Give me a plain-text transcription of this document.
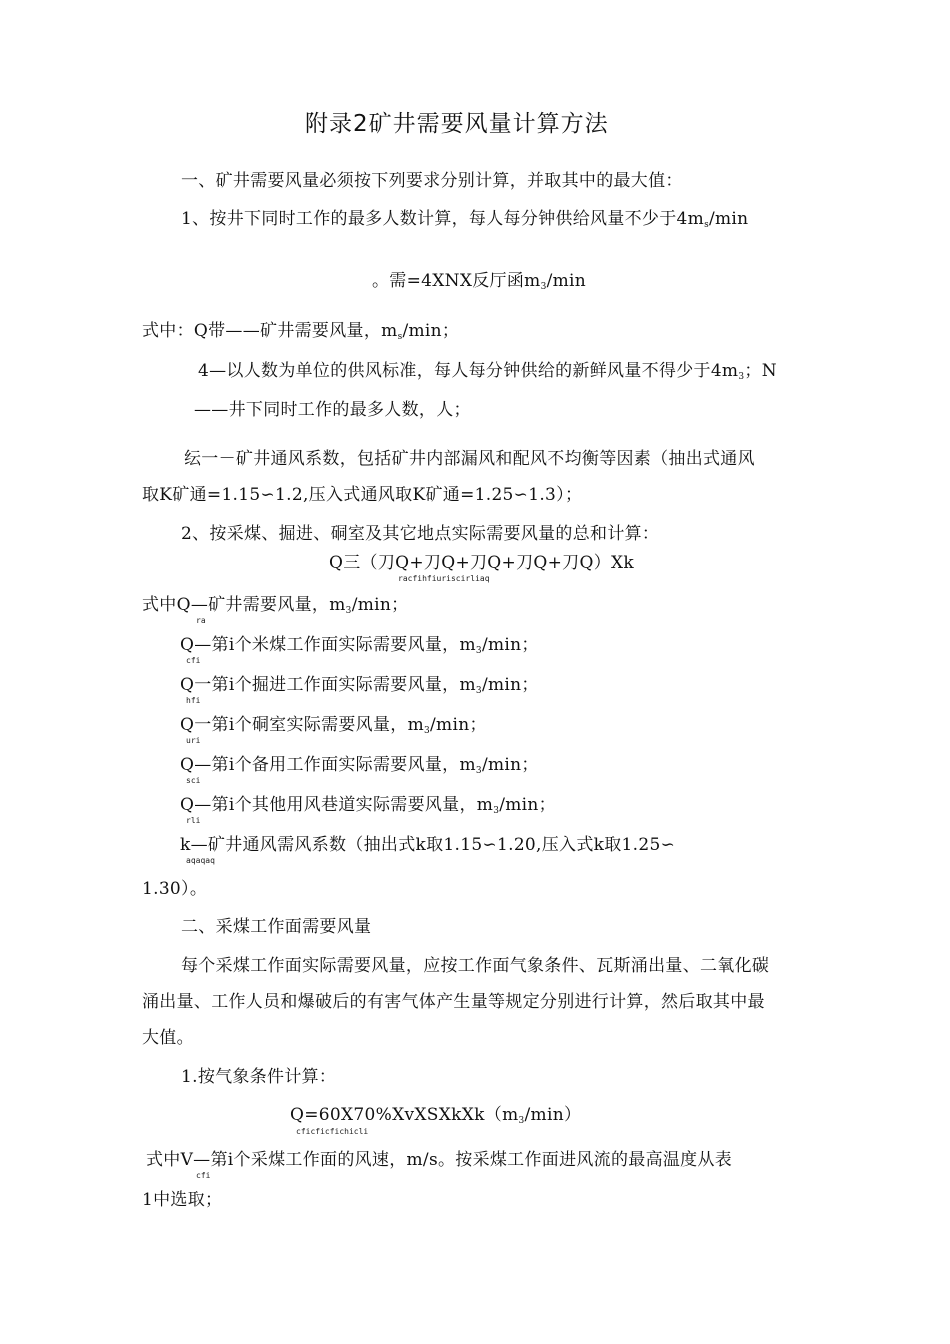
附录2矿井需要风量计算方法
一、矿井需要风量必须按下列要求分别计算，并取其中的最大值：
1、按井下同时工作的最多人数计算，每人每分钟供给风量不少于$4m_s/\min$
。需=4XNX反厅函$m_3/\min$
式中：Q带——矿井需要风量，$m_s/\min$；
4—以人数为单位的供风标准，每人每分钟供给的新鲜风量不得少于$4m_3$；N
——井下同时工作的最多人数，人；
纭一－矿井通风系数，包括矿井内部漏风和配风不均衡等因素（抽出式通风
取K矿通=1.15∽1.2,压入式通风取K矿通=1.25∽1.3）；
2、按采煤、掘进、硐室及其它地点实际需要风量的总和计算：
Q三（刀Q+刀Q+刀Q+刀Q+刀Q）Xk
racfihfiuriscirliaq
式中Q—矿井需要风量，$m_3/\min$；
ra
Q—第i个米煤工作面实际需要风量，$m_3/\min$；
cfi
Q一第i个掘进工作面实际需要风量，$m_3/\min$；
hfi
Q一第i个硐室实际需要风量，$m_3/\min$；
uri
Q—第i个备用工作面实际需要风量，$m_3/\min$；
sci
Q—第i个其他用风巷道实际需要风量，$m_3/\min$；
rli
k—矿井通风需风系数（抽出式k取1.15∽1.20,压入式k取1.25∽
aqaqaq
1.30）。
二、采煤工作面需要风量
每个采煤工作面实际需要风量，应按工作面气象条件、瓦斯涌出量、二氧化碳
涌出量、工作人员和爆破后的有害气体产生量等规定分别进行计算，然后取其中最
大值。
1.按气象条件计算：
$Q=60X70\%XvXSXkXk(m_3/\min)$
cficficfichicli
式中V—第i个采煤工作面的风速，m/s。按采煤工作面进风流的最高温度从表
cfi
1中选取；
